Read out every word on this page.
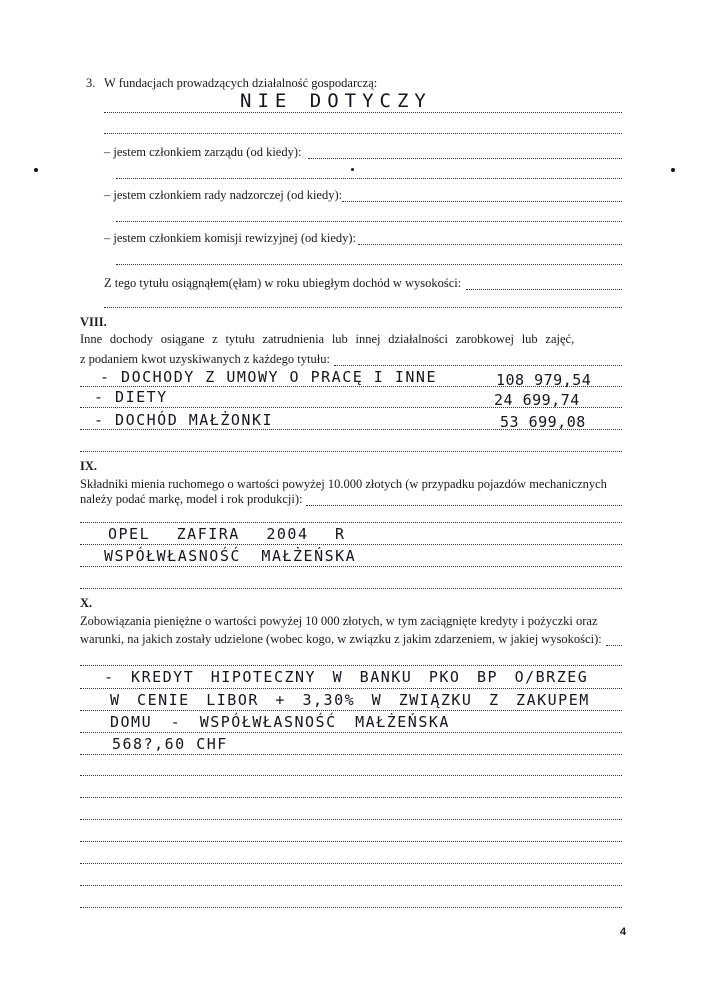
3. W fundacjach prowadzących działalność gospodarczą:
NIE DOTYCZY
– jestem członkiem zarządu (od kiedy):
– jestem członkiem rady nadzorczej (od kiedy):
– jestem członkiem komisji rewizyjnej (od kiedy):
Z tego tytułu osiągnąłem(ęłam) w roku ubiegłym dochód w wysokości:
VIII.
Inne dochody osiągane z tytułu zatrudnienia lub innej działalności zarobkowej lub zajęć,
z podaniem kwot uzyskiwanych z każdego tytułu:
- DOCHODY Z UMOWY O PRACĘ I INNE	108 979,54
- DIETY	24 699,74
- DOCHÓD MAŁŻONKI	53 699,08
IX.
Składniki mienia ruchomego o wartości powyżej 10.000 złotych (w przypadku pojazdów mechanicznych
należy podać markę, model i rok produkcji):
OPEL ZAFIRA 2004 R
WSPÓŁWŁASNOŚĆ MAŁŻEŃSKA
X.
Zobowiązania pieniężne o wartości powyżej 10 000 złotych, w tym zaciągnięte kredyty i pożyczki oraz
warunki, na jakich zostały udzielone (wobec kogo, w związku z jakim zdarzeniem, w jakiej wysokości):
- KREDYT HIPOTECZNY W BANKU PKO BP O/BRZEG
W CENIE LIBOR + 3,30% W ZWIĄZKU Z ZAKUPEM
DOMU - WSPÓŁWŁASNOŚĆ MAŁŻEŃSKA
568?,60 CHF
4
